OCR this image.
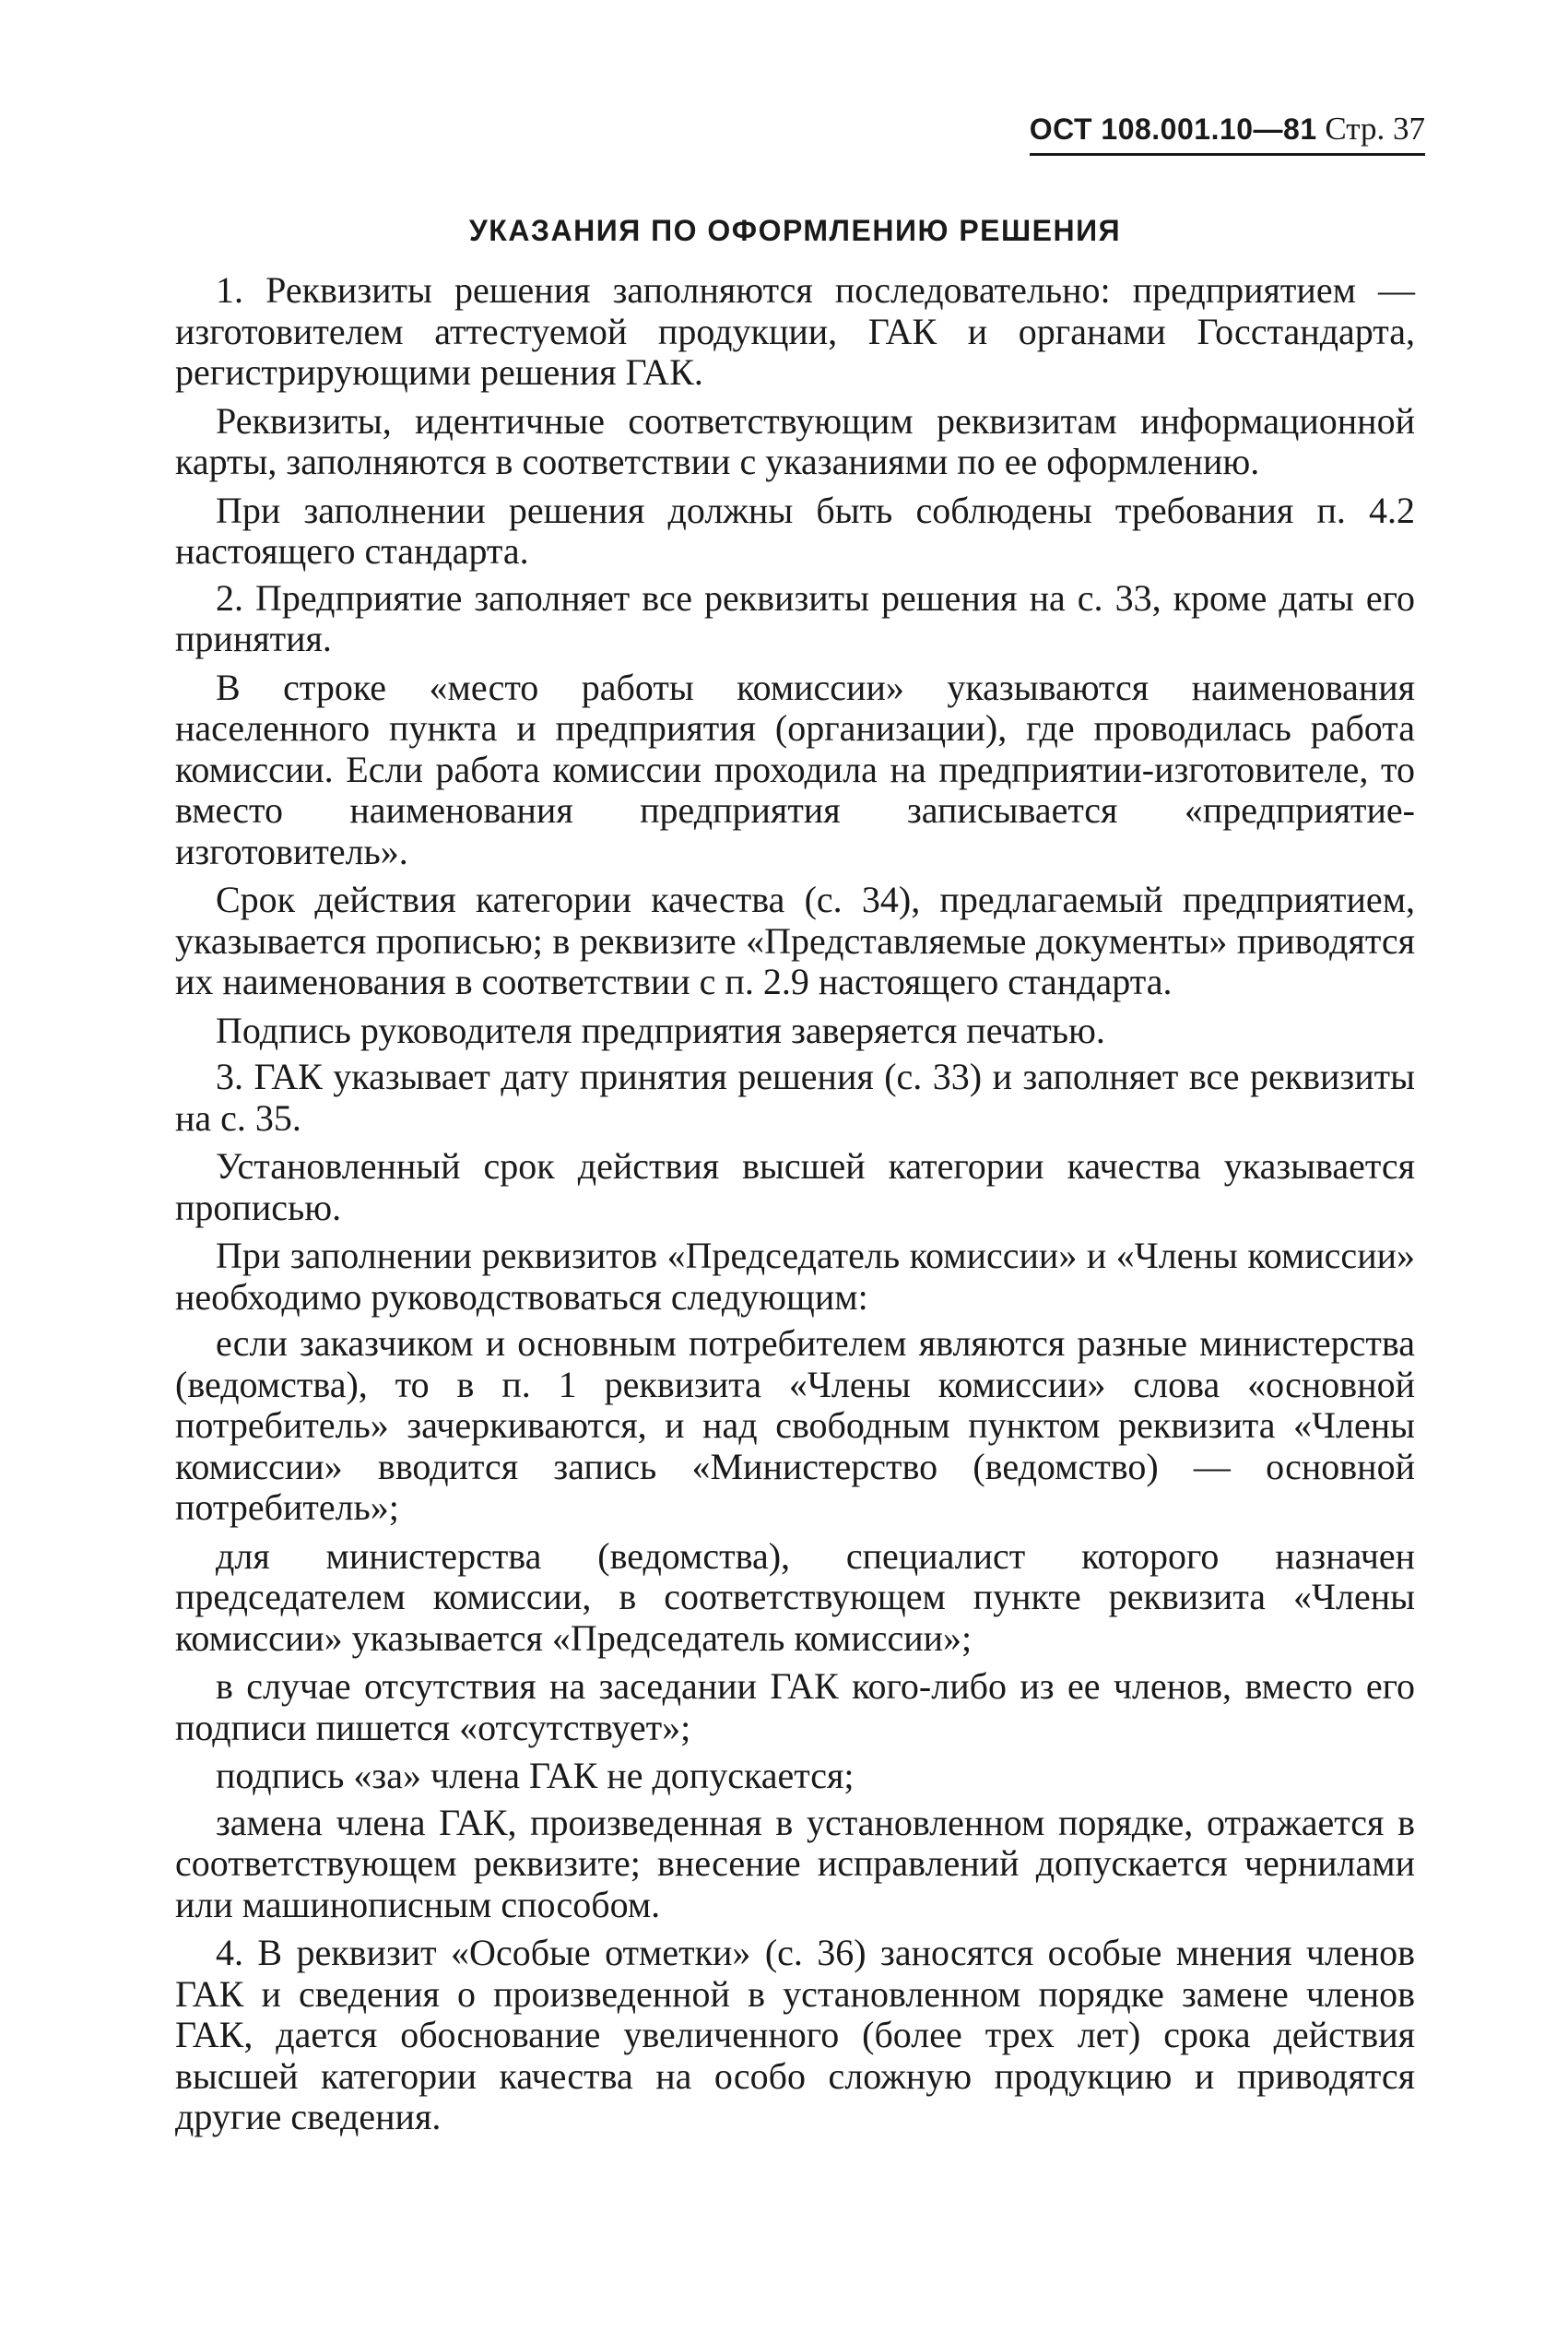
ОСТ 108.001.10—81 Стр. 37
УКАЗАНИЯ ПО ОФОРМЛЕНИЮ РЕШЕНИЯ

1. Реквизиты решения заполняются последовательно: предприятием — изготовителем аттестуемой продукции, ГАК и органами Госстандарта, регистрирующими решения ГАК.

Реквизиты, идентичные соответствующим реквизитам информационной карты, заполняются в соответствии с указаниями по ее оформлению.

При заполнении решения должны быть соблюдены требования п. 4.2 настоящего стандарта.

2. Предприятие заполняет все реквизиты решения на с. 33, кроме даты его принятия.

В строке «место работы комиссии» указываются наименования населенного пункта и предприятия (организации), где проводилась работа комиссии. Если работа комиссии проходила на предприятии-изготовителе, то вместо наименования предприятия записывается «предприятие-изготовитель».

Срок действия категории качества (с. 34), предлагаемый предприятием, указывается прописью; в реквизите «Представляемые документы» приводятся их наименования в соответствии с п. 2.9 настоящего стандарта.

Подпись руководителя предприятия заверяется печатью.

3. ГАК указывает дату принятия решения (с. 33) и заполняет все реквизиты на с. 35.

Установленный срок действия высшей категории качества указывается прописью.

При заполнении реквизитов «Председатель комиссии» и «Члены комиссии» необходимо руководствоваться следующим:

если заказчиком и основным потребителем являются разные министерства (ведомства), то в п. 1 реквизита «Члены комиссии» слова «основной потребитель» зачеркиваются, и над свободным пунктом реквизита «Члены комиссии» вводится запись «Министерство (ведомство) — основной потребитель»;

для министерства (ведомства), специалист которого назначен председателем комиссии, в соответствующем пункте реквизита «Члены комиссии» указывается «Председатель комиссии»;

в случае отсутствия на заседании ГАК кого-либо из ее членов, вместо его подписи пишется «отсутствует»;

подпись «за» члена ГАК не допускается;

замена члена ГАК, произведенная в установленном порядке, отражается в соответствующем реквизите; внесение исправлений допускается чернилами или машинописным способом.

4. В реквизит «Особые отметки» (с. 36) заносятся особые мнения членов ГАК и сведения о произведенной в установленном порядке замене членов ГАК, дается обоснование увеличенного (более трех лет) срока действия высшей категории качества на особо сложную продукцию и приводятся другие сведения.
